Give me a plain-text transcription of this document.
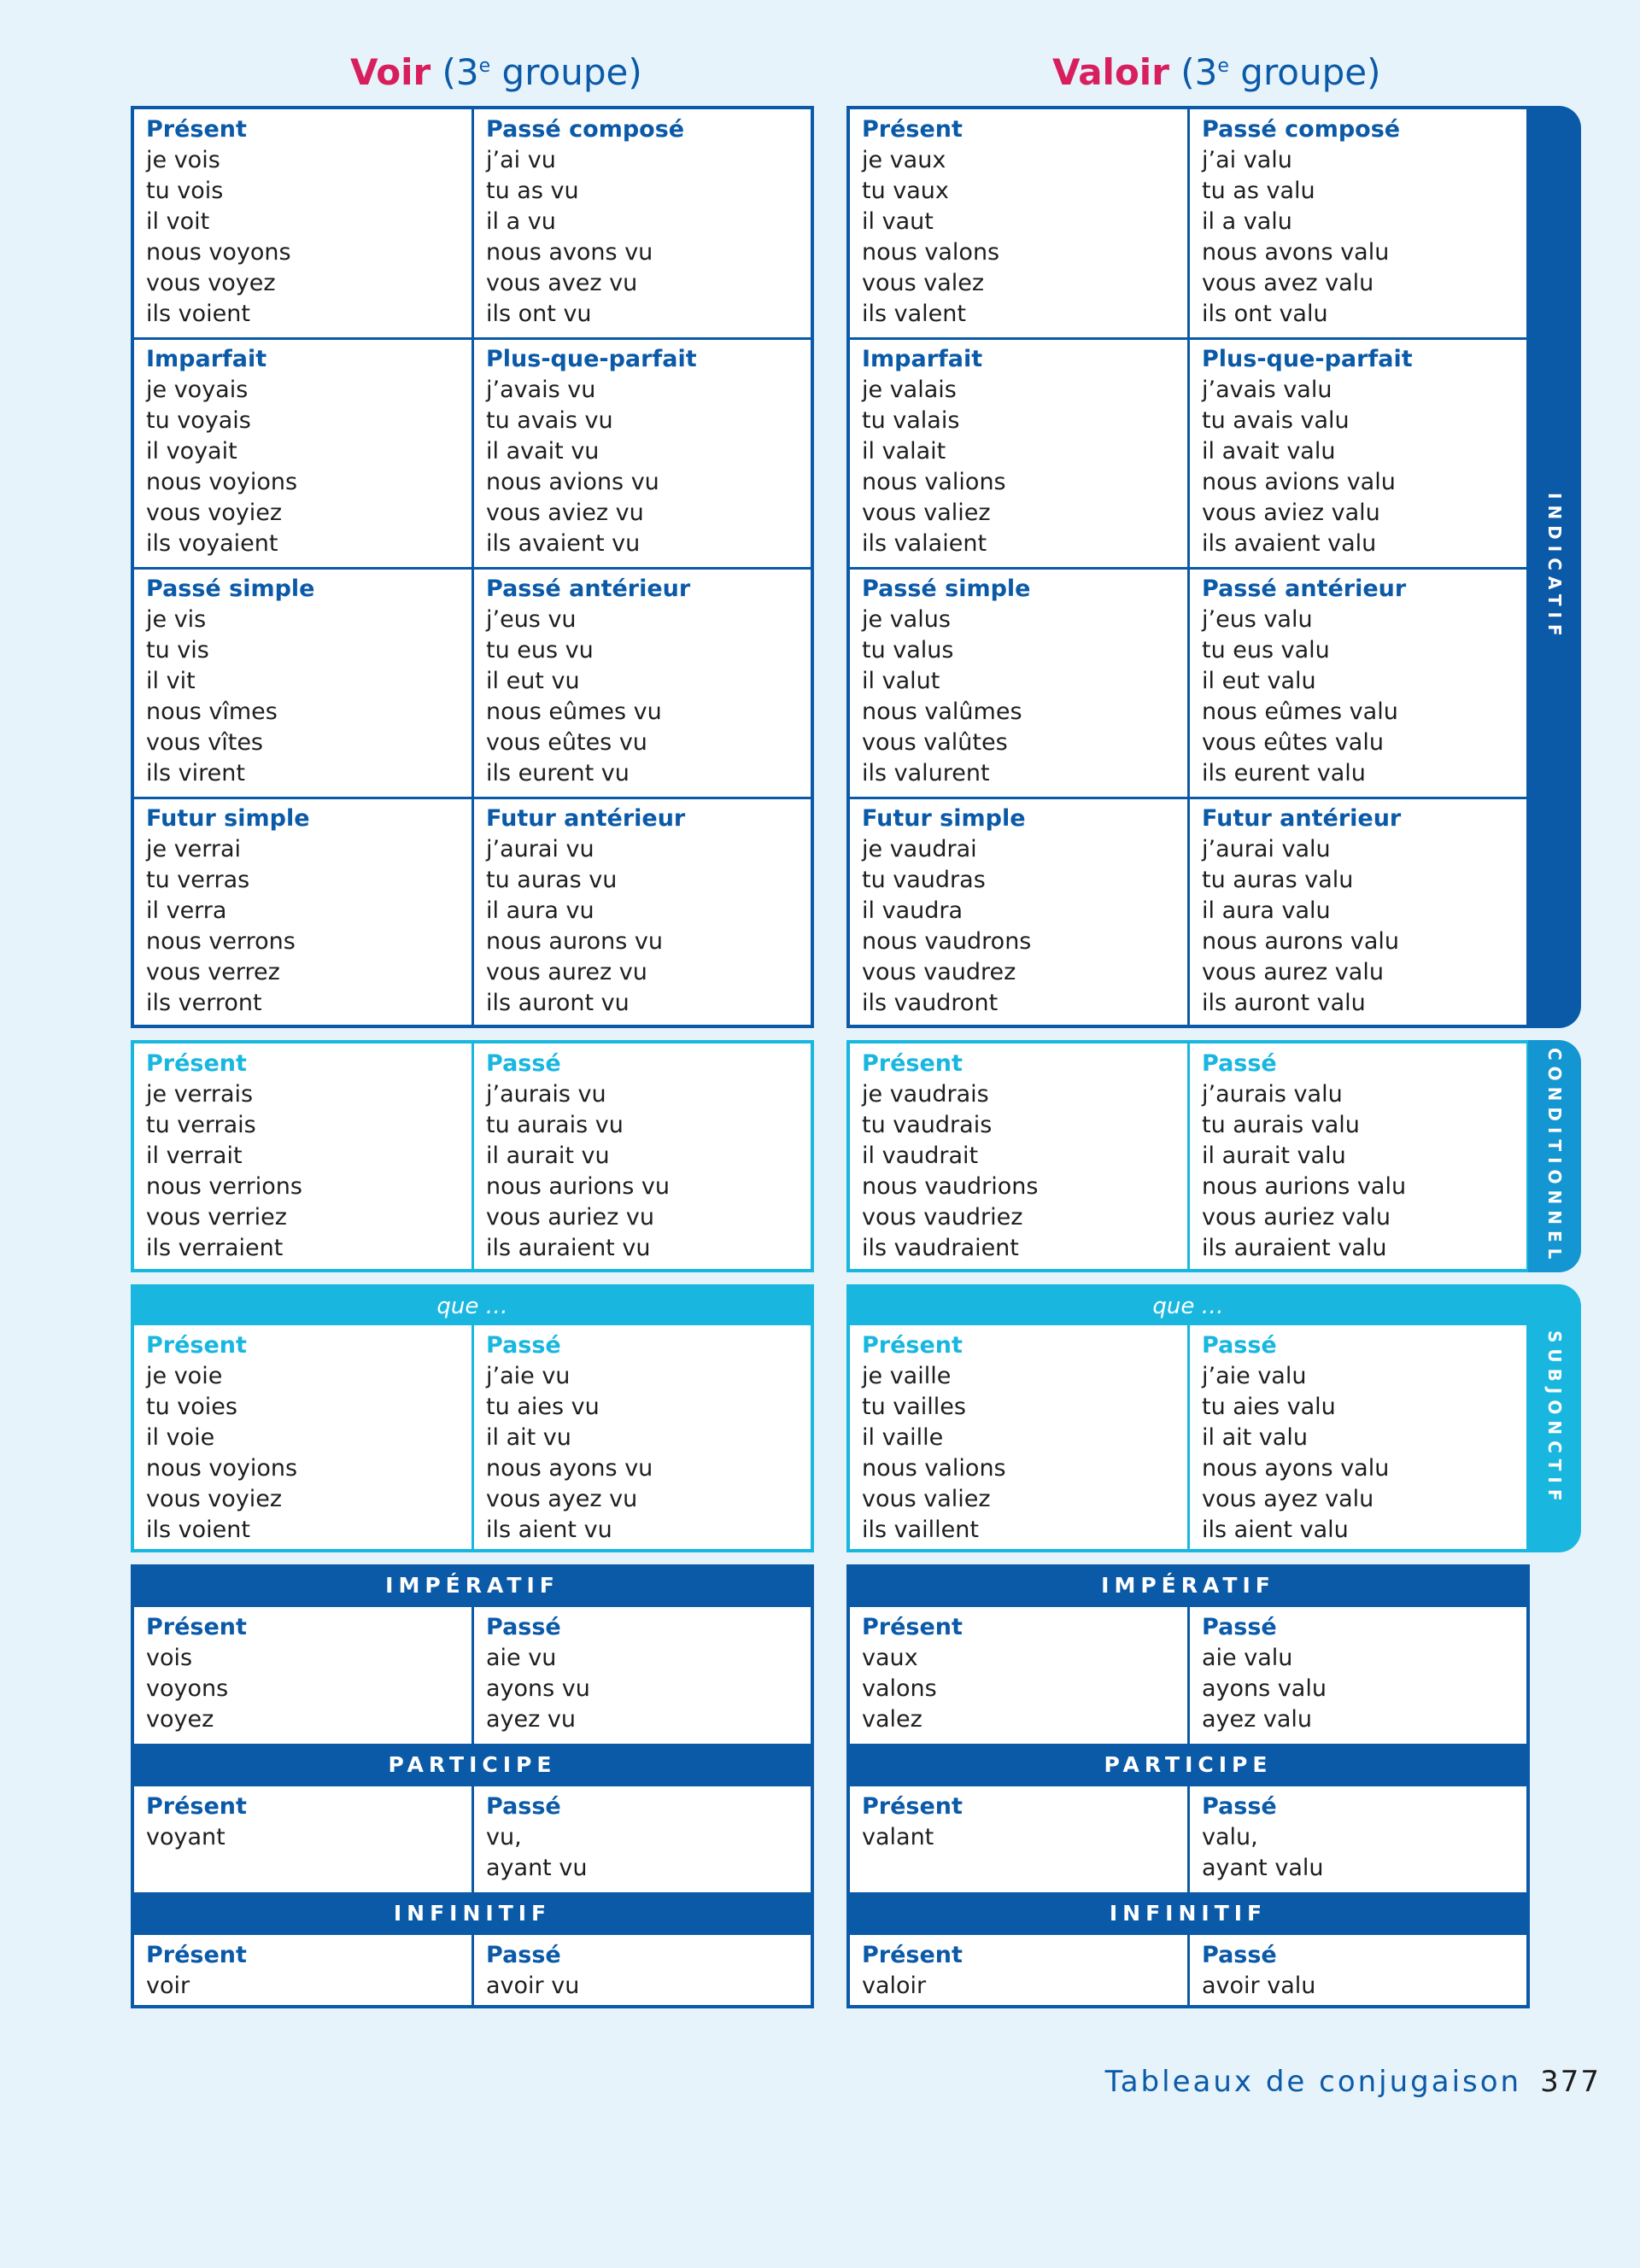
Voir (3e groupe)	Valoir (3e groupe)
Présent
je vois
tu vois
il voit
nous voyons
vous voyez
ils voient
Passé composé
j’ai vu
tu as vu
il a vu
nous avons vu
vous avez vu
ils ont vu
Imparfait
je voyais
tu voyais
il voyait
nous voyions
vous voyiez
ils voyaient
Plus-que-parfait
j’avais vu
tu avais vu
il avait vu
nous avions vu
vous aviez vu
ils avaient vu
Passé simple
je vis
tu vis
il vit
nous vîmes
vous vîtes
ils virent
Passé antérieur
j’eus vu
tu eus vu
il eut vu
nous eûmes vu
vous eûtes vu
ils eurent vu
Futur simple
je verrai
tu verras
il verra
nous verrons
vous verrez
ils verront
Futur antérieur
j’aurai vu
tu auras vu
il aura vu
nous aurons vu
vous aurez vu
ils auront vu
Présent
je verrais
tu verrais
il verrait
nous verrions
vous verriez
ils verraient
Passé
j’aurais vu
tu aurais vu
il aurait vu
nous aurions vu
vous auriez vu
ils auraient vu
que …
Présent
je voie
tu voies
il voie
nous voyions
vous voyiez
ils voient
Passé
j’aie vu
tu aies vu
il ait vu
nous ayons vu
vous ayez vu
ils aient vu
IMPÉRATIF
Présent
vois
voyons
voyez
Passé
aie vu
ayons vu
ayez vu
PARTICIPE
Présent
voyant
Passé
vu,
ayant vu
INFINITIF
Présent
voir
Passé
avoir vu
Présent
je vaux
tu vaux
il vaut
nous valons
vous valez
ils valent
Passé composé
j’ai valu
tu as valu
il a valu
nous avons valu
vous avez valu
ils ont valu
Imparfait
je valais
tu valais
il valait
nous valions
vous valiez
ils valaient
Plus-que-parfait
j’avais valu
tu avais valu
il avait valu
nous avions valu
vous aviez valu
ils avaient valu
Passé simple
je valus
tu valus
il valut
nous valûmes
vous valûtes
ils valurent
Passé antérieur
j’eus valu
tu eus valu
il eut valu
nous eûmes valu
vous eûtes valu
ils eurent valu
Futur simple
je vaudrai
tu vaudras
il vaudra
nous vaudrons
vous vaudrez
ils vaudront
Futur antérieur
j’aurai valu
tu auras valu
il aura valu
nous aurons valu
vous aurez valu
ils auront valu
Présent
je vaudrais
tu vaudrais
il vaudrait
nous vaudrions
vous vaudriez
ils vaudraient
Passé
j’aurais valu
tu aurais valu
il aurait valu
nous aurions valu
vous auriez valu
ils auraient valu
que …
Présent
je vaille
tu vailles
il vaille
nous valions
vous valiez
ils vaillent
Passé
j’aie valu
tu aies valu
il ait valu
nous ayons valu
vous ayez valu
ils aient valu
IMPÉRATIF
Présent
vaux
valons
valez
Passé
aie valu
ayons valu
ayez valu
PARTICIPE
Présent
valant
Passé
valu,
ayant valu
INFINITIF
Présent
valoir
Passé
avoir valu
INDICATIF
CONDITIONNEL
SUBJONCTIF
Tableaux de conjugaison 377
